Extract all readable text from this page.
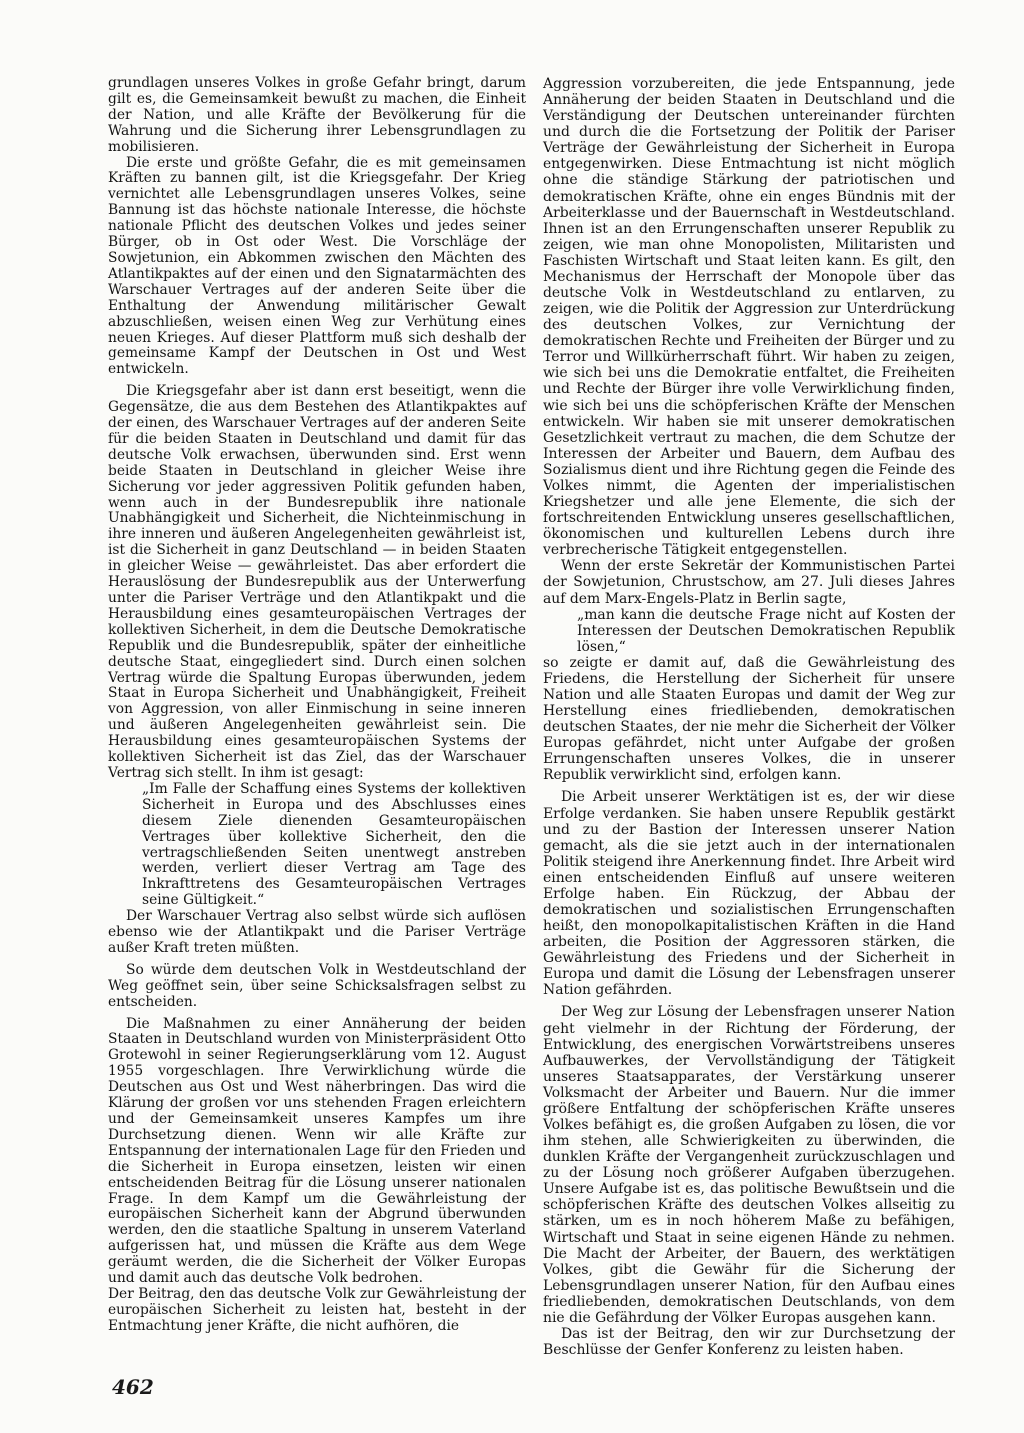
grundlagen unseres Volkes in große Gefahr bringt, darum gilt es, die Gemeinsamkeit bewußt zu machen, die Einheit der Nation, und alle Kräfte der Bevölkerung für die Wahrung und die Sicherung ihrer Lebensgrundlagen zu mobilisieren.

Die erste und größte Gefahr, die es mit gemeinsamen Kräften zu bannen gilt, ist die Kriegsgefahr. Der Krieg vernichtet alle Lebensgrundlagen unseres Volkes, seine Bannung ist das höchste nationale Interesse, die höchste nationale Pflicht des deutschen Volkes und jedes seiner Bürger, ob in Ost oder West. Die Vorschläge der Sowjetunion, ein Abkommen zwischen den Mächten des Atlantikpaktes auf der einen und den Signatarmächten des Warschauer Vertrages auf der anderen Seite über die Enthaltung der Anwendung militärischer Gewalt abzuschließen, weisen einen Weg zur Verhütung eines neuen Krieges. Auf dieser Plattform muß sich deshalb der gemeinsame Kampf der Deutschen in Ost und West entwickeln.

Die Kriegsgefahr aber ist dann erst beseitigt, wenn die Gegensätze, die aus dem Bestehen des Atlantikpaktes auf der einen, des Warschauer Vertrages auf der anderen Seite für die beiden Staaten in Deutschland und damit für das deutsche Volk erwachsen, überwunden sind. Erst wenn beide Staaten in Deutschland in gleicher Weise ihre Sicherung vor jeder aggressiven Politik gefunden haben, wenn auch in der Bundesrepublik ihre nationale Unabhängigkeit und Sicherheit, die Nichteinmischung in ihre inneren und äußeren Angelegenheiten gewährleist ist, ist die Sicherheit in ganz Deutschland — in beiden Staaten in gleicher Weise — gewährleistet. Das aber erfordert die Herauslösung der Bundesrepublik aus der Unterwerfung unter die Pariser Verträge und den Atlantikpakt und die Herausbildung eines gesamteuropäischen Vertrages der kollektiven Sicherheit, in dem die Deutsche Demokratische Republik und die Bundesrepublik, später der einheitliche deutsche Staat, eingegliedert sind. Durch einen solchen Vertrag würde die Spaltung Europas überwunden, jedem Staat in Europa Sicherheit und Unabhängigkeit, Freiheit von Aggression, von aller Einmischung in seine inneren und äußeren Angelegenheiten gewährleist sein. Die Herausbildung eines gesamteuropäischen Systems der kollektiven Sicherheit ist das Ziel, das der Warschauer Vertrag sich stellt. In ihm ist gesagt:

„Im Falle der Schaffung eines Systems der kollektiven Sicherheit in Europa und des Abschlusses eines diesem Ziele dienenden Gesamteuropäischen Vertrages über kollektive Sicherheit, den die vertragschließenden Seiten unentwegt anstreben werden, verliert dieser Vertrag am Tage des Inkrafttretens des Gesamteuropäischen Vertrages seine Gültigkeit.“

Der Warschauer Vertrag also selbst würde sich auflösen ebenso wie der Atlantikpakt und die Pariser Verträge außer Kraft treten müßten.

So würde dem deutschen Volk in Westdeutschland der Weg geöffnet sein, über seine Schicksalsfragen selbst zu entscheiden.

Die Maßnahmen zu einer Annäherung der beiden Staaten in Deutschland wurden von Ministerpräsident Otto Grotewohl in seiner Regierungserklärung vom 12. August 1955 vorgeschlagen. Ihre Verwirklichung würde die Deutschen aus Ost und West näherbringen. Das wird die Klärung der großen vor uns stehenden Fragen erleichtern und der Gemeinsamkeit unseres Kampfes um ihre Durchsetzung dienen. Wenn wir alle Kräfte zur Entspannung der internationalen Lage für den Frieden und die Sicherheit in Europa einsetzen, leisten wir einen entscheidenden Beitrag für die Lösung unserer nationalen Frage. In dem Kampf um die Gewährleistung der europäischen Sicherheit kann der Abgrund überwunden werden, den die staatliche Spaltung in unserem Vaterland aufgerissen hat, und müssen die Kräfte aus dem Wege geräumt werden, die die Sicherheit der Völker Europas und damit auch das deutsche Volk bedrohen.

Der Beitrag, den das deutsche Volk zur Gewährleistung der europäischen Sicherheit zu leisten hat, besteht in der Entmachtung jener Kräfte, die nicht aufhören, die

Aggression vorzubereiten, die jede Entspannung, jede Annäherung der beiden Staaten in Deutschland und die Verständigung der Deutschen untereinander fürchten und durch die die Fortsetzung der Politik der Pariser Verträge der Gewährleistung der Sicherheit in Europa entgegenwirken. Diese Entmachtung ist nicht möglich ohne die ständige Stärkung der patriotischen und demokratischen Kräfte, ohne ein enges Bündnis mit der Arbeiterklasse und der Bauernschaft in Westdeutschland. Ihnen ist an den Errungenschaften unserer Republik zu zeigen, wie man ohne Monopolisten, Militaristen und Faschisten Wirtschaft und Staat leiten kann. Es gilt, den Mechanismus der Herrschaft der Monopole über das deutsche Volk in Westdeutschland zu entlarven, zu zeigen, wie die Politik der Aggression zur Unterdrückung des deutschen Volkes, zur Vernichtung der demokratischen Rechte und Freiheiten der Bürger und zu Terror und Willkürherrschaft führt. Wir haben zu zeigen, wie sich bei uns die Demokratie entfaltet, die Freiheiten und Rechte der Bürger ihre volle Verwirklichung finden, wie sich bei uns die schöpferischen Kräfte der Menschen entwickeln. Wir haben sie mit unserer demokratischen Gesetzlichkeit vertraut zu machen, die dem Schutze der Interessen der Arbeiter und Bauern, dem Aufbau des Sozialismus dient und ihre Richtung gegen die Feinde des Volkes nimmt, die Agenten der imperialistischen Kriegshetzer und alle jene Elemente, die sich der fortschreitenden Entwicklung unseres gesellschaftlichen, ökonomischen und kulturellen Lebens durch ihre verbrecherische Tätigkeit entgegenstellen.

Wenn der erste Sekretär der Kommunistischen Partei der Sowjetunion, Chrustschow, am 27. Juli dieses Jahres auf dem Marx-Engels-Platz in Berlin sagte,

„man kann die deutsche Frage nicht auf Kosten der Interessen der Deutschen Demokratischen Republik lösen,“

so zeigte er damit auf, daß die Gewährleistung des Friedens, die Herstellung der Sicherheit für unsere Nation und alle Staaten Europas und damit der Weg zur Herstellung eines friedliebenden, demokratischen deutschen Staates, der nie mehr die Sicherheit der Völker Europas gefährdet, nicht unter Aufgabe der großen Errungenschaften unseres Volkes, die in unserer Republik verwirklicht sind, erfolgen kann.

Die Arbeit unserer Werktätigen ist es, der wir diese Erfolge verdanken. Sie haben unsere Republik gestärkt und zu der Bastion der Interessen unserer Nation gemacht, als die sie jetzt auch in der internationalen Politik steigend ihre Anerkennung findet. Ihre Arbeit wird einen entscheidenden Einfluß auf unsere weiteren Erfolge haben. Ein Rückzug, der Abbau der demokratischen und sozialistischen Errungenschaften heißt, den monopolkapitalistischen Kräften in die Hand arbeiten, die Position der Aggressoren stärken, die Gewährleistung des Friedens und der Sicherheit in Europa und damit die Lösung der Lebensfragen unserer Nation gefährden.

Der Weg zur Lösung der Lebensfragen unserer Nation geht vielmehr in der Richtung der Förderung, der Entwicklung, des energischen Vorwärtstreibens unseres Aufbauwerkes, der Vervollständigung der Tätigkeit unseres Staatsapparates, der Verstärkung unserer Volksmacht der Arbeiter und Bauern. Nur die immer größere Entfaltung der schöpferischen Kräfte unseres Volkes befähigt es, die großen Aufgaben zu lösen, die vor ihm stehen, alle Schwierigkeiten zu überwinden, die dunklen Kräfte der Vergangenheit zurückzuschlagen und zu der Lösung noch größerer Aufgaben überzugehen. Unsere Aufgabe ist es, das politische Bewußtsein und die schöpferischen Kräfte des deutschen Volkes allseitig zu stärken, um es in noch höherem Maße zu befähigen, Wirtschaft und Staat in seine eigenen Hände zu nehmen. Die Macht der Arbeiter, der Bauern, des werktätigen Volkes, gibt die Gewähr für die Sicherung der Lebensgrundlagen unserer Nation, für den Aufbau eines friedliebenden, demokratischen Deutschlands, von dem nie die Gefährdung der Völker Europas ausgehen kann.

Das ist der Beitrag, den wir zur Durchsetzung der Beschlüsse der Genfer Konferenz zu leisten haben.

462
